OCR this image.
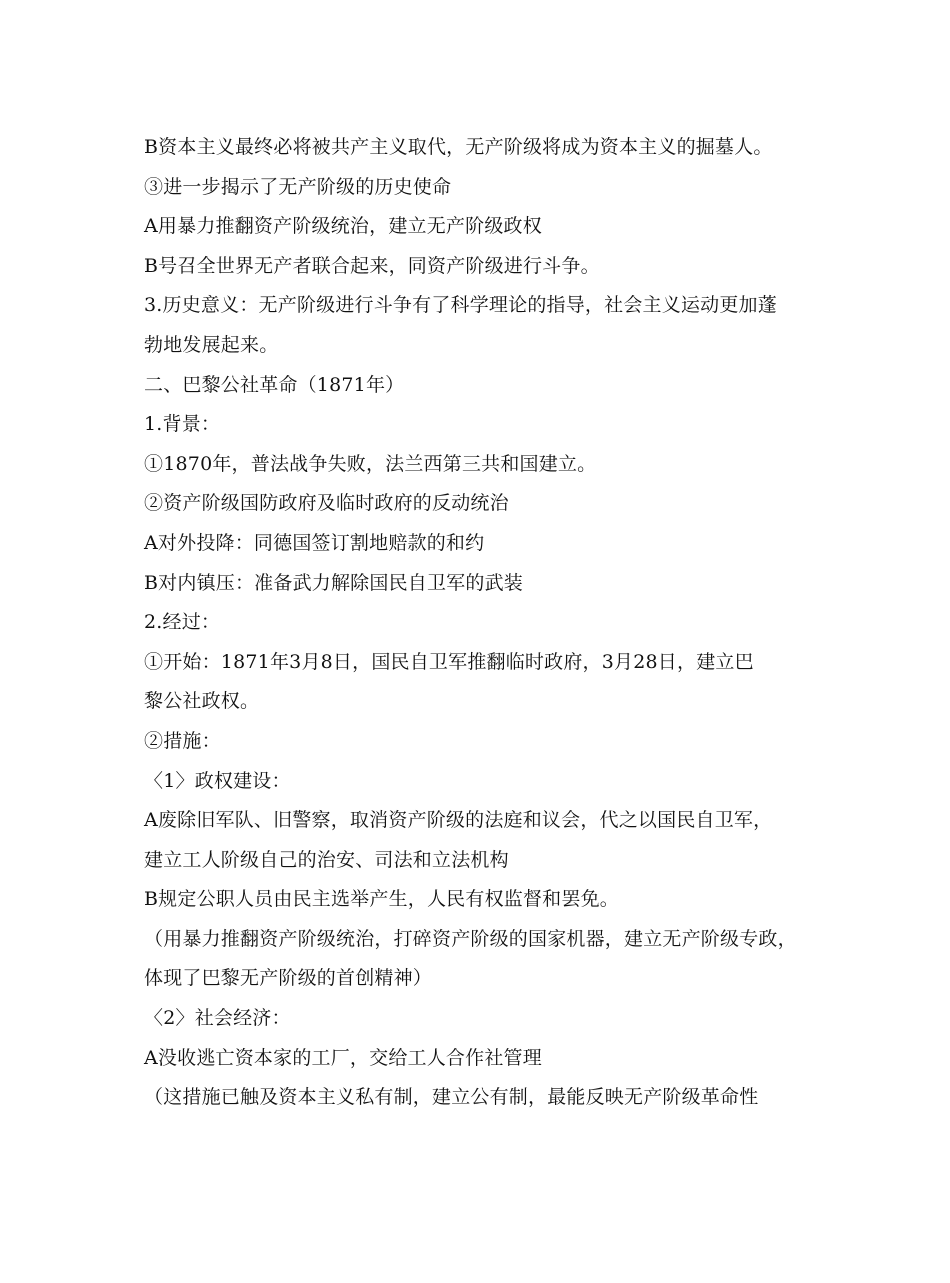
B资本主义最终必将被共产主义取代，无产阶级将成为资本主义的掘墓人。
③进一步揭示了无产阶级的历史使命
A用暴力推翻资产阶级统治，建立无产阶级政权
B号召全世界无产者联合起来，同资产阶级进行斗争。
3.历史意义：无产阶级进行斗争有了科学理论的指导，社会主义运动更加蓬
勃地发展起来。
二、巴黎公社革命（1871年）
1.背景：
①1870年，普法战争失败，法兰西第三共和国建立。
②资产阶级国防政府及临时政府的反动统治
A对外投降：同德国签订割地赔款的和约
B对内镇压：准备武力解除国民自卫军的武装
2.经过：
①开始：1871年3月8日，国民自卫军推翻临时政府，3月28日，建立巴
黎公社政权。
②措施：
〈1〉政权建设：
A废除旧军队、旧警察，取消资产阶级的法庭和议会，代之以国民自卫军，
建立工人阶级自己的治安、司法和立法机构
B规定公职人员由民主选举产生，人民有权监督和罢免。
（用暴力推翻资产阶级统治，打碎资产阶级的国家机器，建立无产阶级专政，
体现了巴黎无产阶级的首创精神）
〈2〉社会经济：
A没收逃亡资本家的工厂，交给工人合作社管理
（这措施已触及资本主义私有制，建立公有制，最能反映无产阶级革命性
